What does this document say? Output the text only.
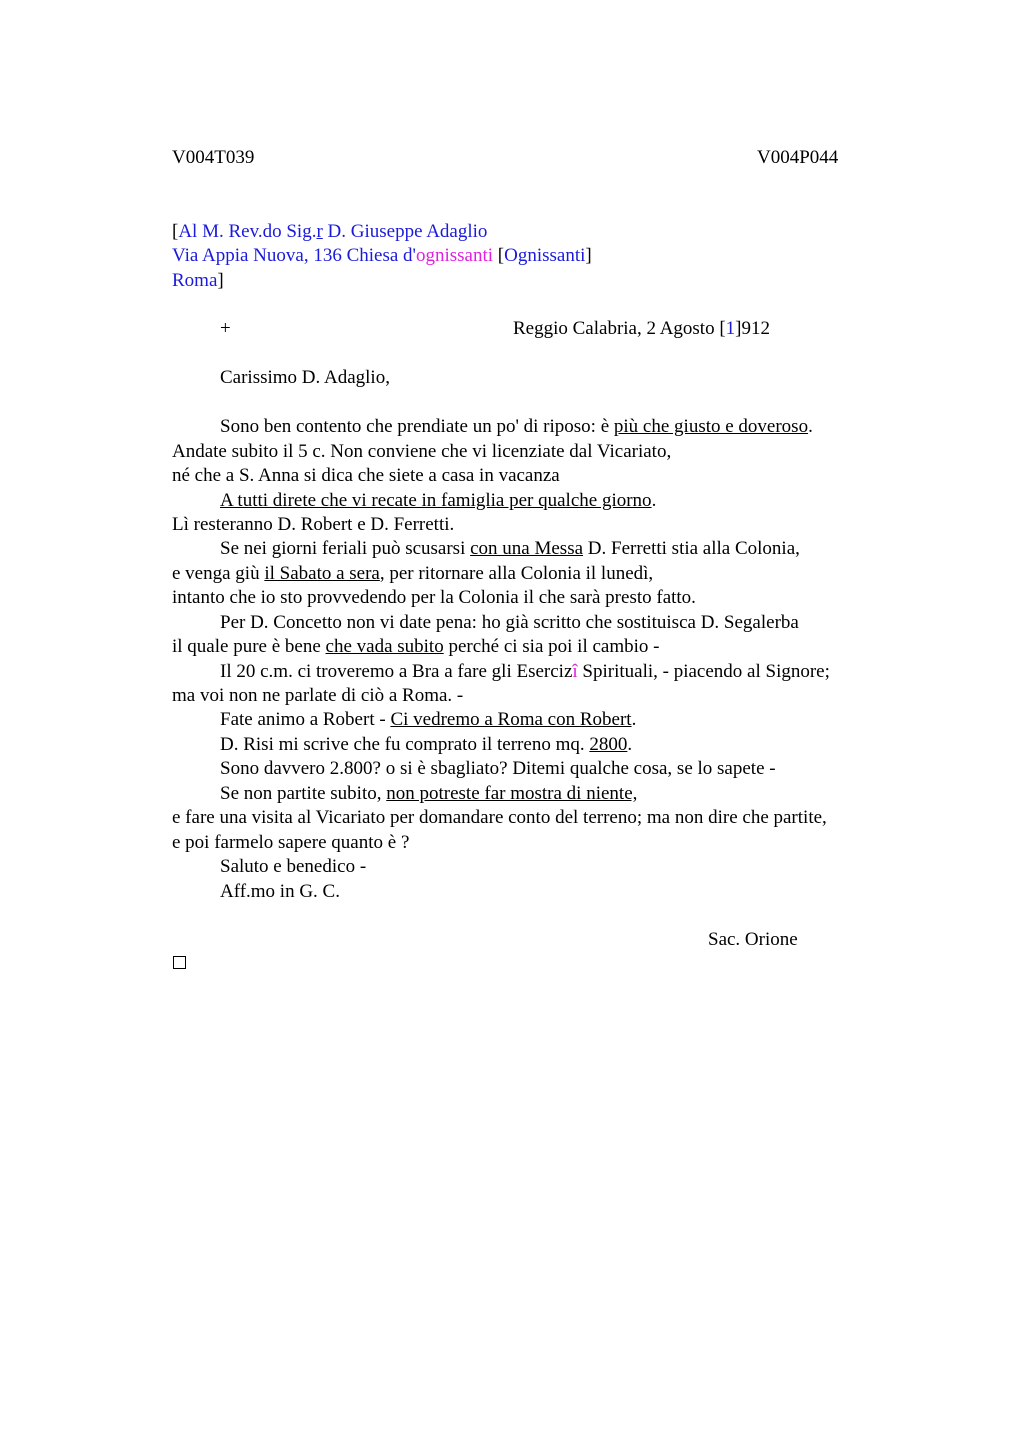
V004T039	V004P044
[Al M. Rev.do Sig.r D. Giuseppe Adaglio
Via Appia Nuova, 136 Chiesa d'ognissanti [Ognissanti]
Roma]
+	Reggio Calabria, 2 Agosto [1]912
Carissimo D. Adaglio,
Sono ben contento che prendiate un po' di riposo: è più che giusto e doveroso.
Andate subito il 5 c. Non conviene che vi licenziate dal Vicariato,
né che a S. Anna si dica che siete a casa in vacanza
A tutti direte che vi recate in famiglia per qualche giorno.
Lì resteranno D. Robert e D. Ferretti.
Se nei giorni feriali può scusarsi con una Messa D. Ferretti stia alla Colonia,
e venga giù il Sabato a sera, per ritornare alla Colonia il lunedì,
intanto che io sto provvedendo per la Colonia il che sarà presto fatto.
Per D. Concetto non vi date pena: ho già scritto che sostituisca D. Segalerba
il quale pure è bene che vada subito perché ci sia poi il cambio -
Il 20 c.m. ci troveremo a Bra a fare gli Esercizî Spirituali, - piacendo al Signore;
ma voi non ne parlate di ciò a Roma. -
Fate animo a Robert - Ci vedremo a Roma con Robert.
D. Risi mi scrive che fu comprato il terreno mq. 2800.
Sono davvero 2.800? o si è sbagliato? Ditemi qualche cosa, se lo sapete -
Se non partite subito, non potreste far mostra di niente,
e fare una visita al Vicariato per domandare conto del terreno; ma non dire che partite,
e poi farmelo sapere quanto è ?
Saluto e benedico -
Aff.mo in G. C.
Sac. Orione
